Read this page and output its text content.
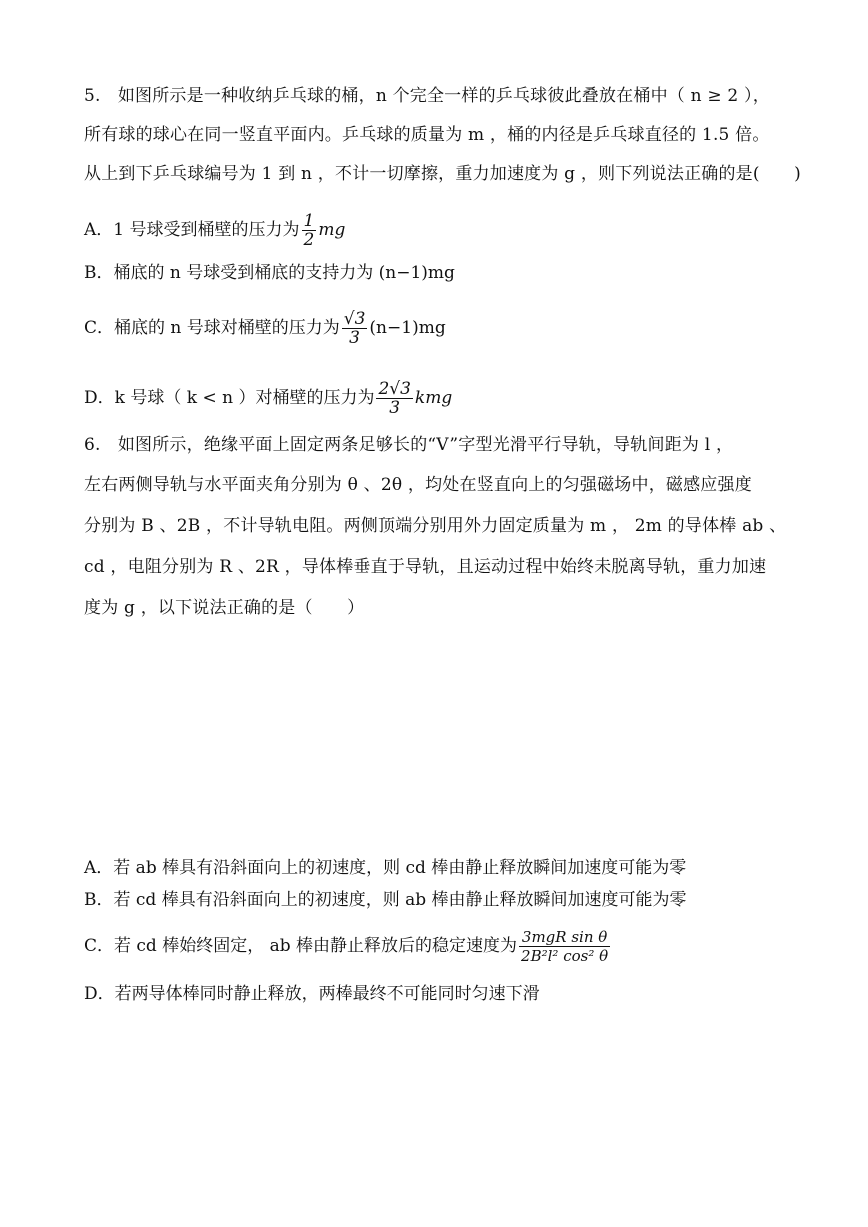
5.　如图所示是一种收纳乒乓球的桶，n 个完全一样的乒乓球彼此叠放在桶中（ n ≥ 2 ），
所有球的球心在同一竖直平面内。乒乓球的质量为 m ，桶的内径是乒乓球直径的 1.5 倍。
从上到下乒乓球编号为 1 到 n ，不计一切摩擦，重力加速度为 g ，则下列说法正确的是(　　)
A．1 号球受到桶壁的压力为 $\frac{1}{2}$ mg
B．桶底的 n 号球受到桶底的支持力为 (n−1)mg
C．桶底的 n 号球对桶壁的压力为 $\frac{√3}{3} (n-1)mg$
D．k 号球（ k < n ）对桶壁的压力为 $\frac{2√3}{3}$ kmg
6.　如图所示，绝缘平面上固定两条足够长的“V”字型光滑平行导轨，导轨间距为 l ，
左右两侧导轨与水平面夹角分别为 θ 、2θ ，均处在竖直向上的匀强磁场中，磁感应强度
分别为 B 、2B ，不计导轨电阻。两侧顶端分别用外力固定质量为 m ， 2m 的导体棒 ab 、
cd ，电阻分别为 R 、2R ，导体棒垂直于导轨，且运动过程中始终未脱离导轨，重力加速
度为 g ，以下说法正确的是（　　）
A．若 ab 棒具有沿斜面向上的初速度，则 cd 棒由静止释放瞬间加速度可能为零
B．若 cd 棒具有沿斜面向上的初速度，则 ab 棒由静止释放瞬间加速度可能为零
C．若 cd 棒始终固定， ab 棒由静止释放后的稳定速度为 $\frac{\text{3mgR sin θ}}{\text{2B²l² cos² θ}}$
D．若两导体棒同时静止释放，两棒最终不可能同时匀速下滑
